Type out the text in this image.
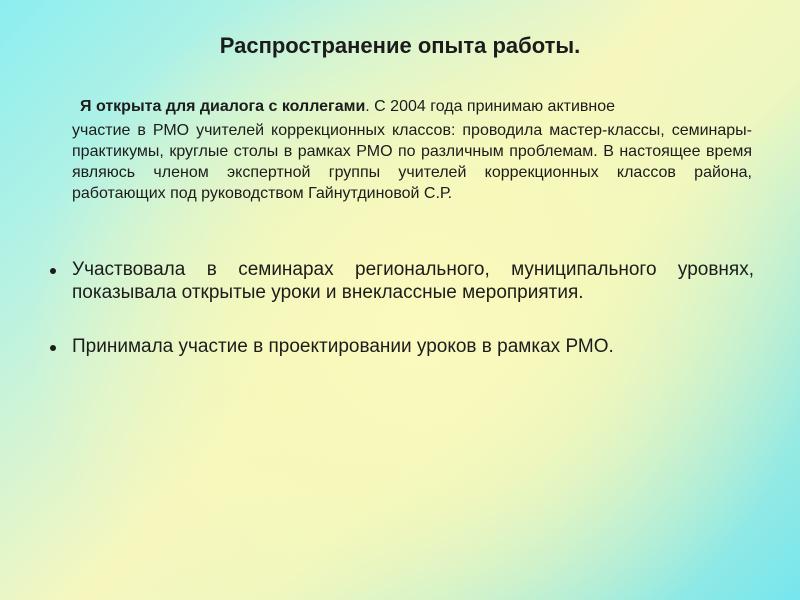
Распространение опыта работы.
Я открыта для диалога с коллегами. С 2004 года принимаю активное
участие в РМО учителей коррекционных классов: проводила мастер-классы, семинары-практикумы, круглые столы в рамках РМО по различным проблемам. В настоящее время являюсь членом экспертной группы учителей коррекционных классов района, работающих под руководством Гайнутдиновой С.Р.
Участвовала в семинарах регионального, муниципального уровнях, показывала открытые уроки и внеклассные мероприятия.
Принимала участие в проектировании уроков в рамках РМО.
